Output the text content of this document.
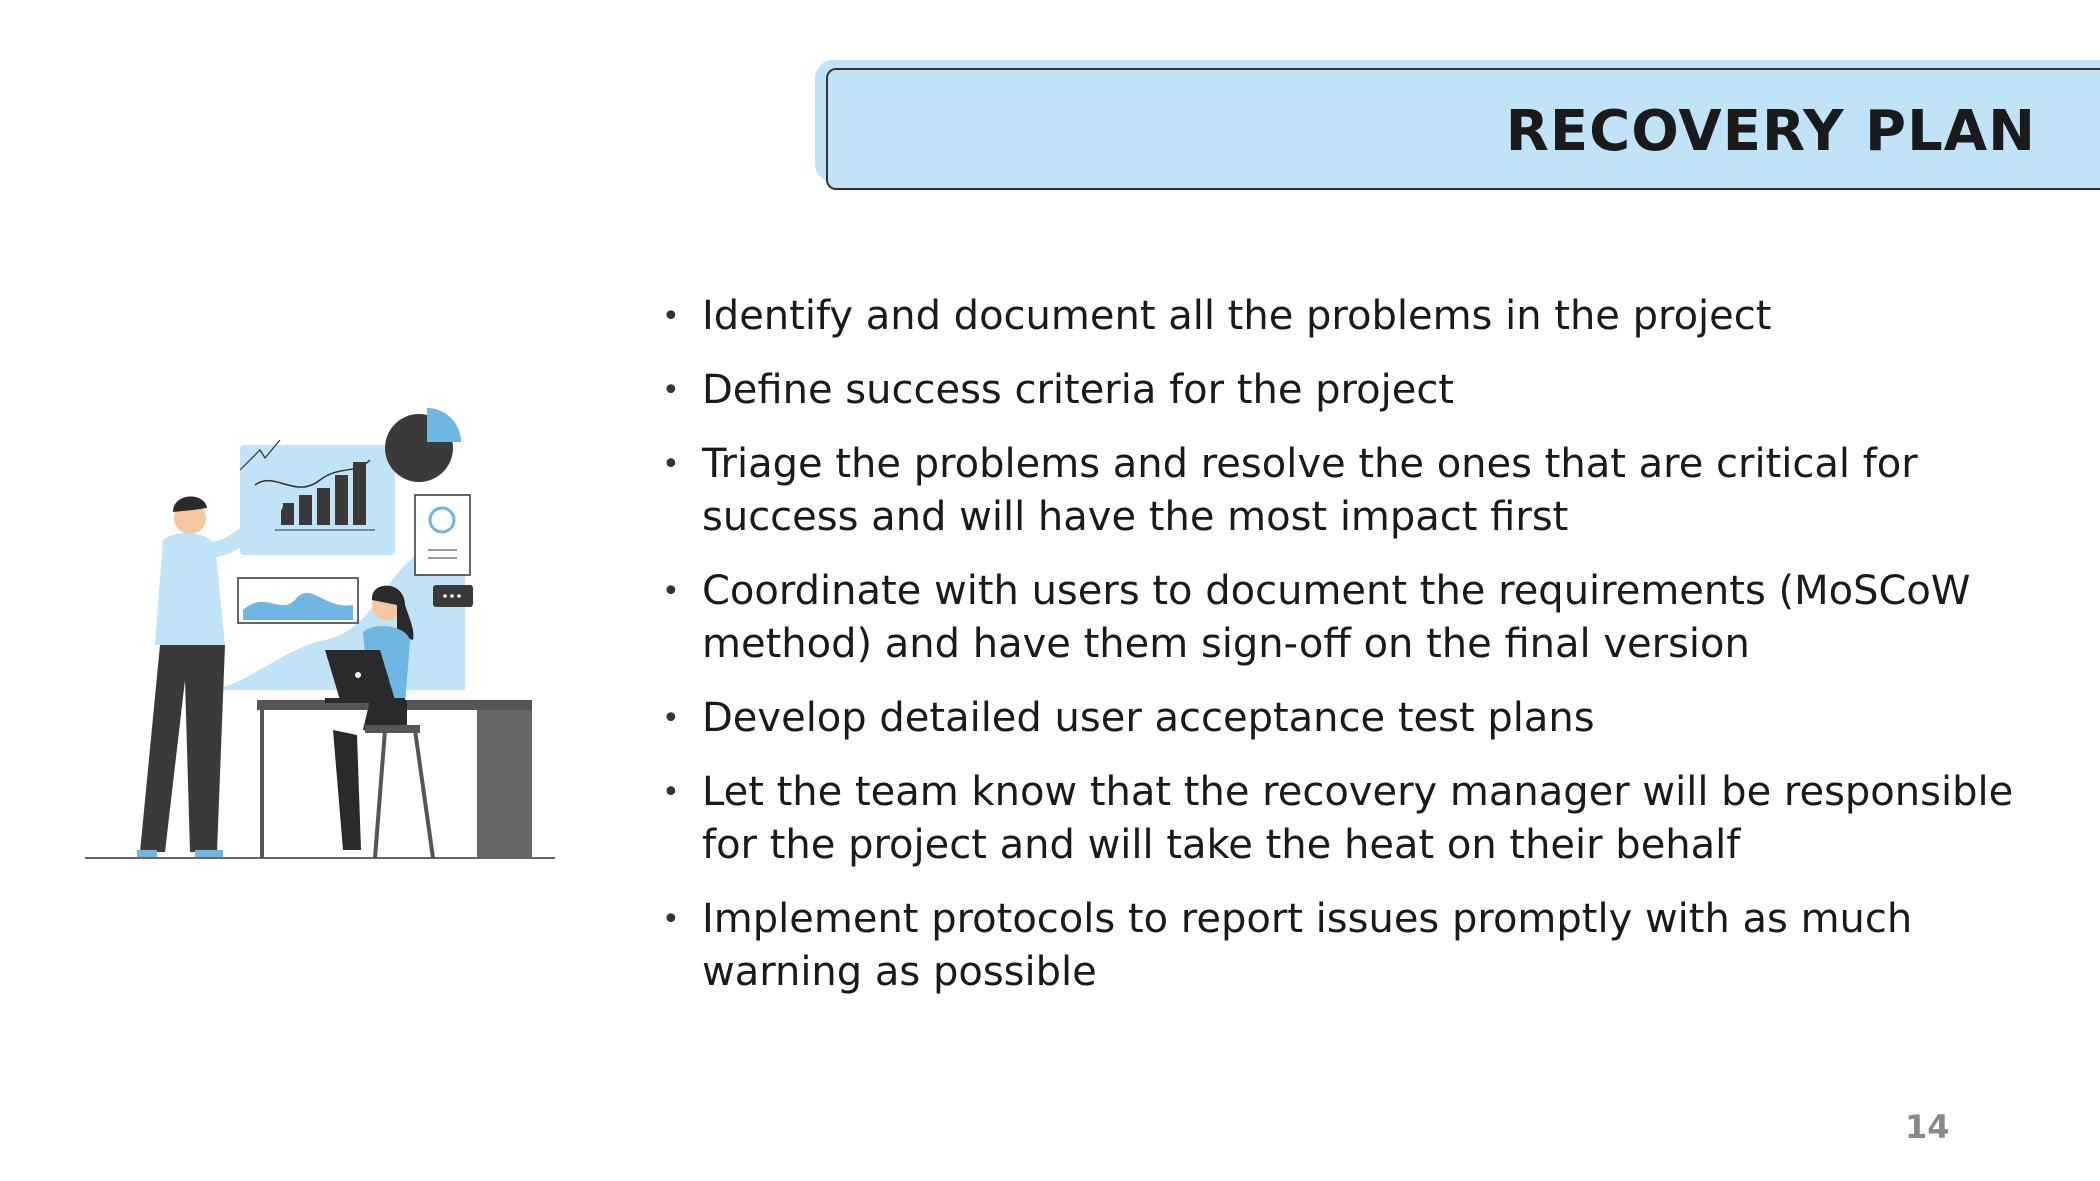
RECOVERY PLAN
• Identify and document all the problems in the project
• Define success criteria for the project
• Triage the problems and resolve the ones that are critical for success and will have the most impact first
• Coordinate with users to document the requirements (MoSCoW method) and have them sign-off on the final version
• Develop detailed user acceptance test plans
• Let the team know that the recovery manager will be responsible for the project and will take the heat on their behalf
• Implement protocols to report issues promptly with as much warning as possible
14
